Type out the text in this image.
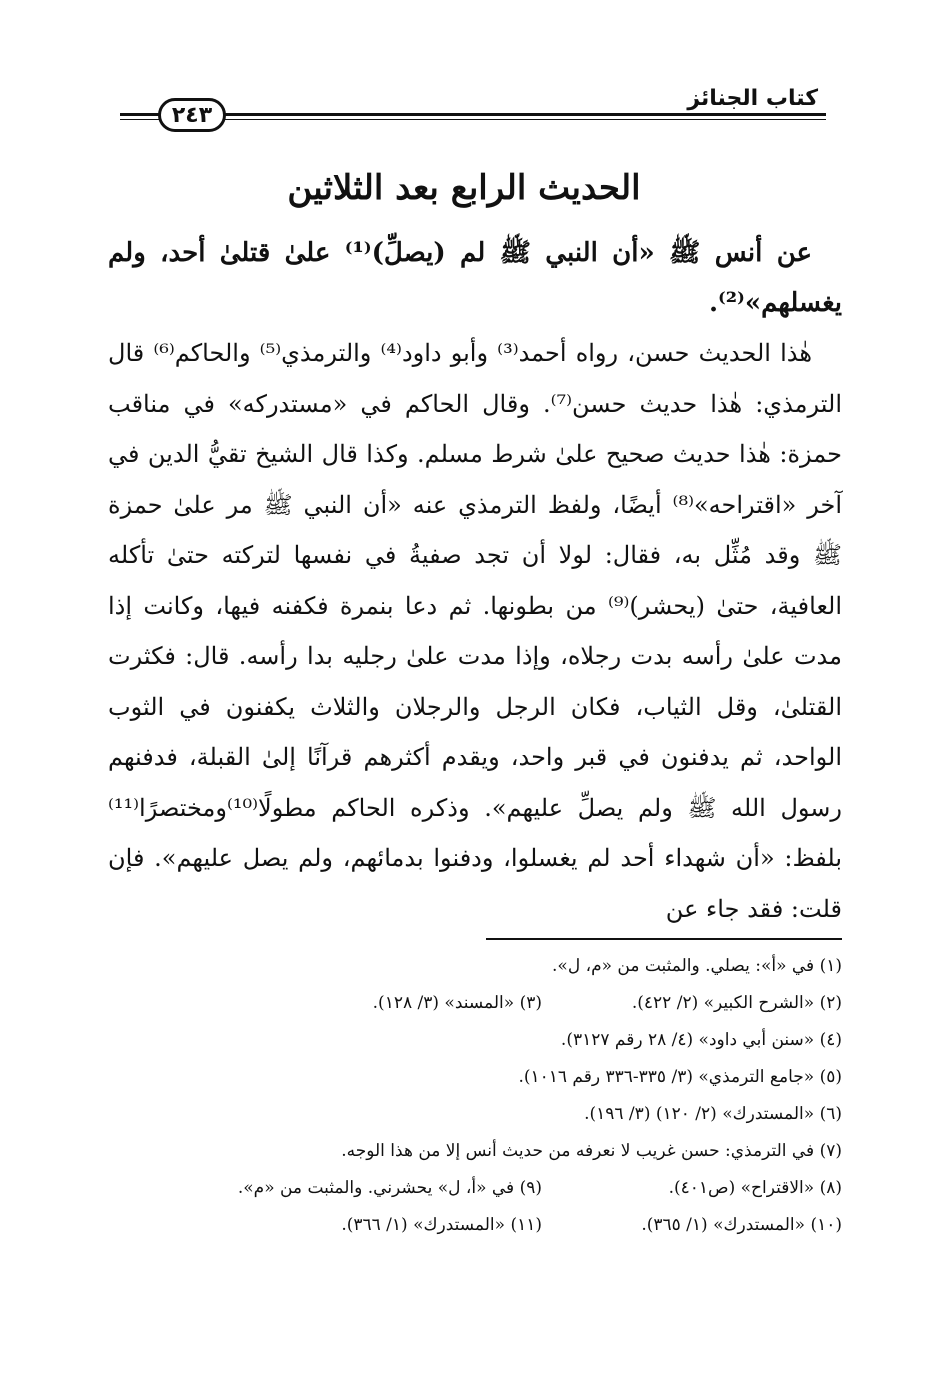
٢٤٣
كتاب الجنائز
الحديث الرابع بعد الثلاثين
عن أنس ﷺ «أن النبي ﷺ لم (يصلِّ)⁽¹⁾ علىٰ قتلىٰ أحد، ولم يغسلهم»⁽²⁾.
هٰذا الحديث حسن، رواه أحمد⁽³⁾ وأبو داود⁽⁴⁾ والترمذي⁽⁵⁾ والحاكم⁽⁶⁾ قال الترمذي: هٰذا حديث حسن⁽⁷⁾. وقال الحاكم في «مستدركه» في مناقب حمزة: هٰذا حديث صحيح علىٰ شرط مسلم. وكذا قال الشيخ تقيُّ الدين في آخر «اقتراحه»⁽⁸⁾ أيضًا، ولفظ الترمذي عنه «أن النبي ﷺ مر علىٰ حمزة ﷺ وقد مُثِّل به، فقال: لولا أن تجد صفيةُ في نفسها لتركته حتىٰ تأكله العافية، حتىٰ (يحشر)⁽⁹⁾ من بطونها. ثم دعا بنمرة فكفنه فيها، وكانت إذا مدت علىٰ رأسه بدت رجلاه، وإذا مدت علىٰ رجليه بدا رأسه. قال: فكثرت القتلىٰ، وقل الثياب، فكان الرجل والرجلان والثلاث يكفنون في الثوب الواحد، ثم يدفنون في قبر واحد، ويقدم أكثرهم قرآنًا إلىٰ القبلة، فدفنهم رسول الله ﷺ ولم يصلِّ عليهم». وذكره الحاكم مطولًا⁽¹⁰⁾ومختصرًا⁽¹¹⁾ بلفظ: «أن شهداء أحد لم يغسلوا، ودفنوا بدمائهم، ولم يصل عليهم». فإن قلت: فقد جاء عن
(١) في «أ»: يصلي. والمثبت من «م، ل».
(٢) «الشرح الكبير» (٢/ ٤٢٢).
(٣) «المسند» (٣/ ١٢٨).
(٤) «سنن أبي داود» (٤/ ٢٨ رقم ٣١٢٧).
(٥) «جامع الترمذي» (٣/ ٣٣٥-٣٣٦ رقم ١٠١٦).
(٦) «المستدرك» (٢/ ١٢٠) (٣/ ١٩٦).
(٧) في الترمذي: حسن غريب لا نعرفه من حديث أنس إلا من هذا الوجه.
(٨) «الاقتراح» (ص٤٠١).
(٩) في «أ، ل» يحشرني. والمثبت من «م».
(١٠) «المستدرك» (١/ ٣٦٥).
(١١) «المستدرك» (١/ ٣٦٦).
